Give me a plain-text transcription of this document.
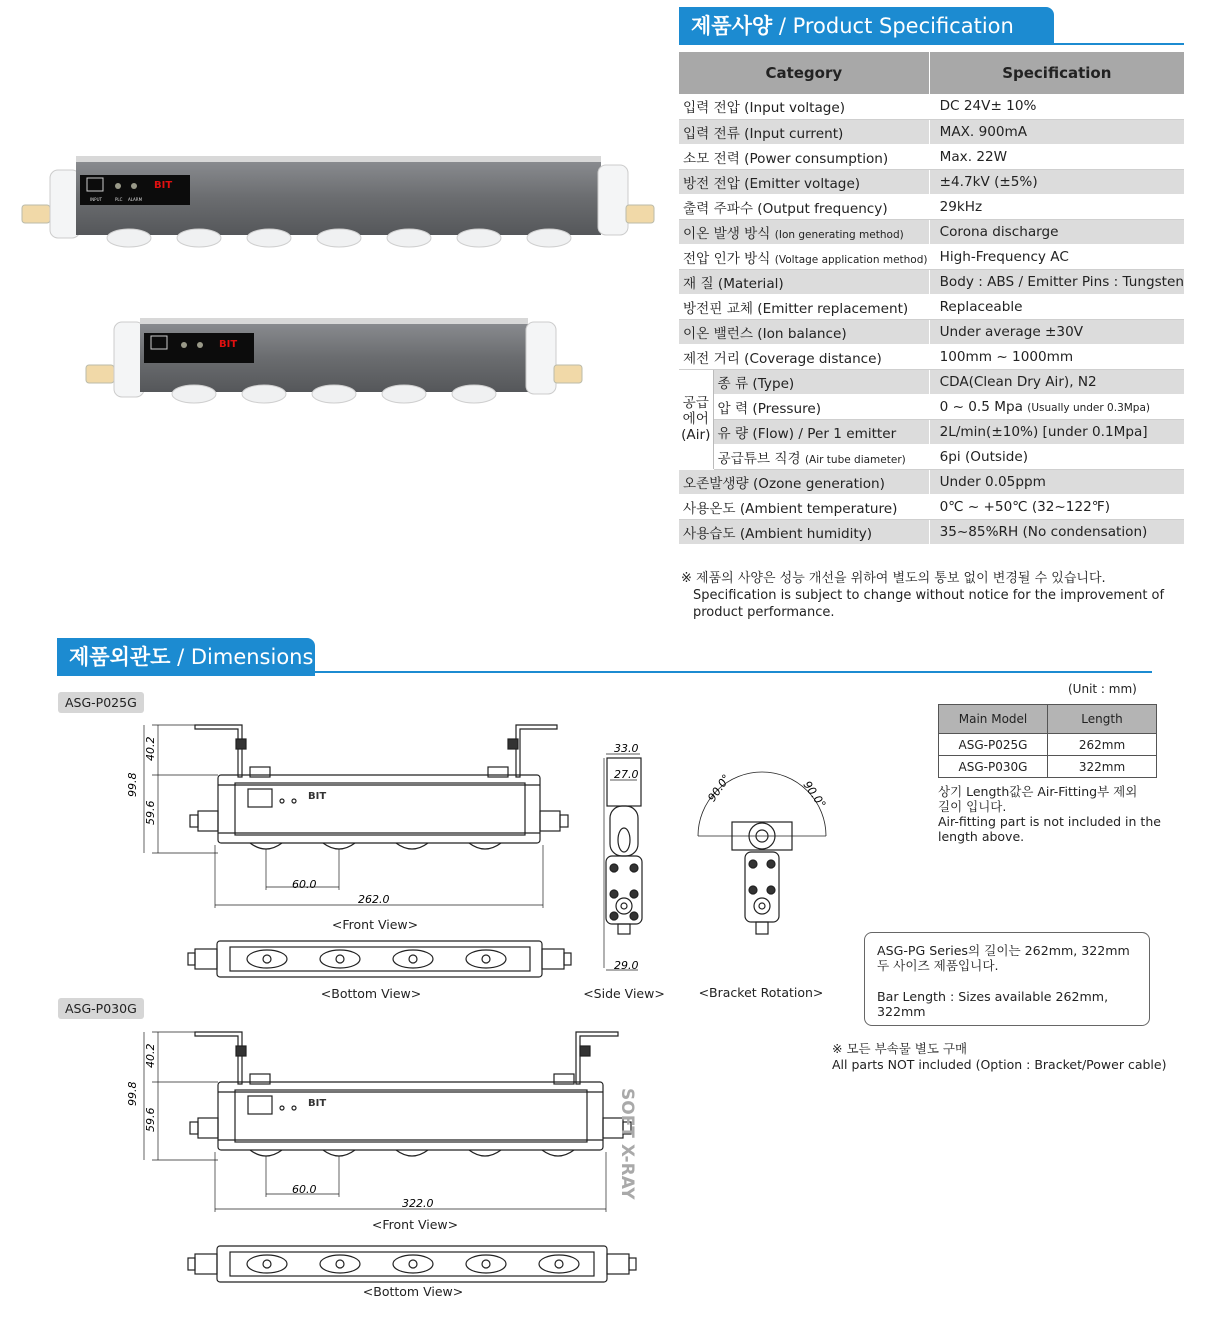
BIT
INPUT	PLC ALARM
BIT
제품사양 / Product Specification
Category		Specification
입력 전압 (Input voltage)		DC 24V± 10%
입력 전류 (Input current)		MAX. 900mA
소모 전력 (Power consumption)		Max. 22W
방전 전압 (Emitter voltage)		±4.7kV (±5%)
출력 주파수 (Output frequency)		29kHz
이온 발생 방식 (Ion generating method)		Corona discharge
전압 인가 방식 (Voltage application method)		High-Frequency AC
재 질 (Material)		Body : ABS / Emitter Pins : Tungsten
방전핀 교체 (Emitter replacement)		Replaceable
이온 밸런스 (Ion balance)		Under average ±30V
제전 거리 (Coverage distance)		100mm ~ 1000mm
공급
에어
(Air)	종 류 (Type)	CDA(Clean Dry Air), N2
	압 력 (Pressure)	0 ~ 0.5 Mpa (Usually under 0.3Mpa)
	유 량 (Flow) / Per 1 emitter	2L/min(±10%) [under 0.1Mpa]
	공급튜브 직경 (Air tube diameter)	6pi (Outside)
오존발생량 (Ozone generation)		Under 0.05ppm
사용온도 (Ambient temperature)		0℃ ~ +50℃ (32~122℉)
사용습도 (Ambient humidity)		35~85%RH (No condensation)
※ 제품의 사양은 성능 개선을 위하여 별도의 통보 없이 변경될 수 있습니다.
Specification is subject to change without notice for the improvement of
product performance.
제품외관도 / Dimensions
(Unit : mm)
Main Model	Length
ASG-P025G	262mm
ASG-P030G	322mm
상기 Length값은 Air-Fitting부 제외
길이 입니다.
Air-fitting part is not included in the
length above.
ASG-P025G
ASG-P030G
BIT
99.8
40.2
59.6
60.0
262.0
<Front View>
<Bottom View>
33.0
27.0
29.0
<Side View>
90.0°	90.0°
<Bracket Rotation>
ASG-PG Series의 길이는 262mm, 322mm
두 사이즈 제품입니다.
Bar Length : Sizes available 262mm, 322mm
※ 모든 부속물 별도 구매
All parts NOT included (Option : Bracket/Power cable)
BIT
99.8
40.2
59.6
60.0
322.0
SOFT X-RAY
<Front View>
<Bottom View>
